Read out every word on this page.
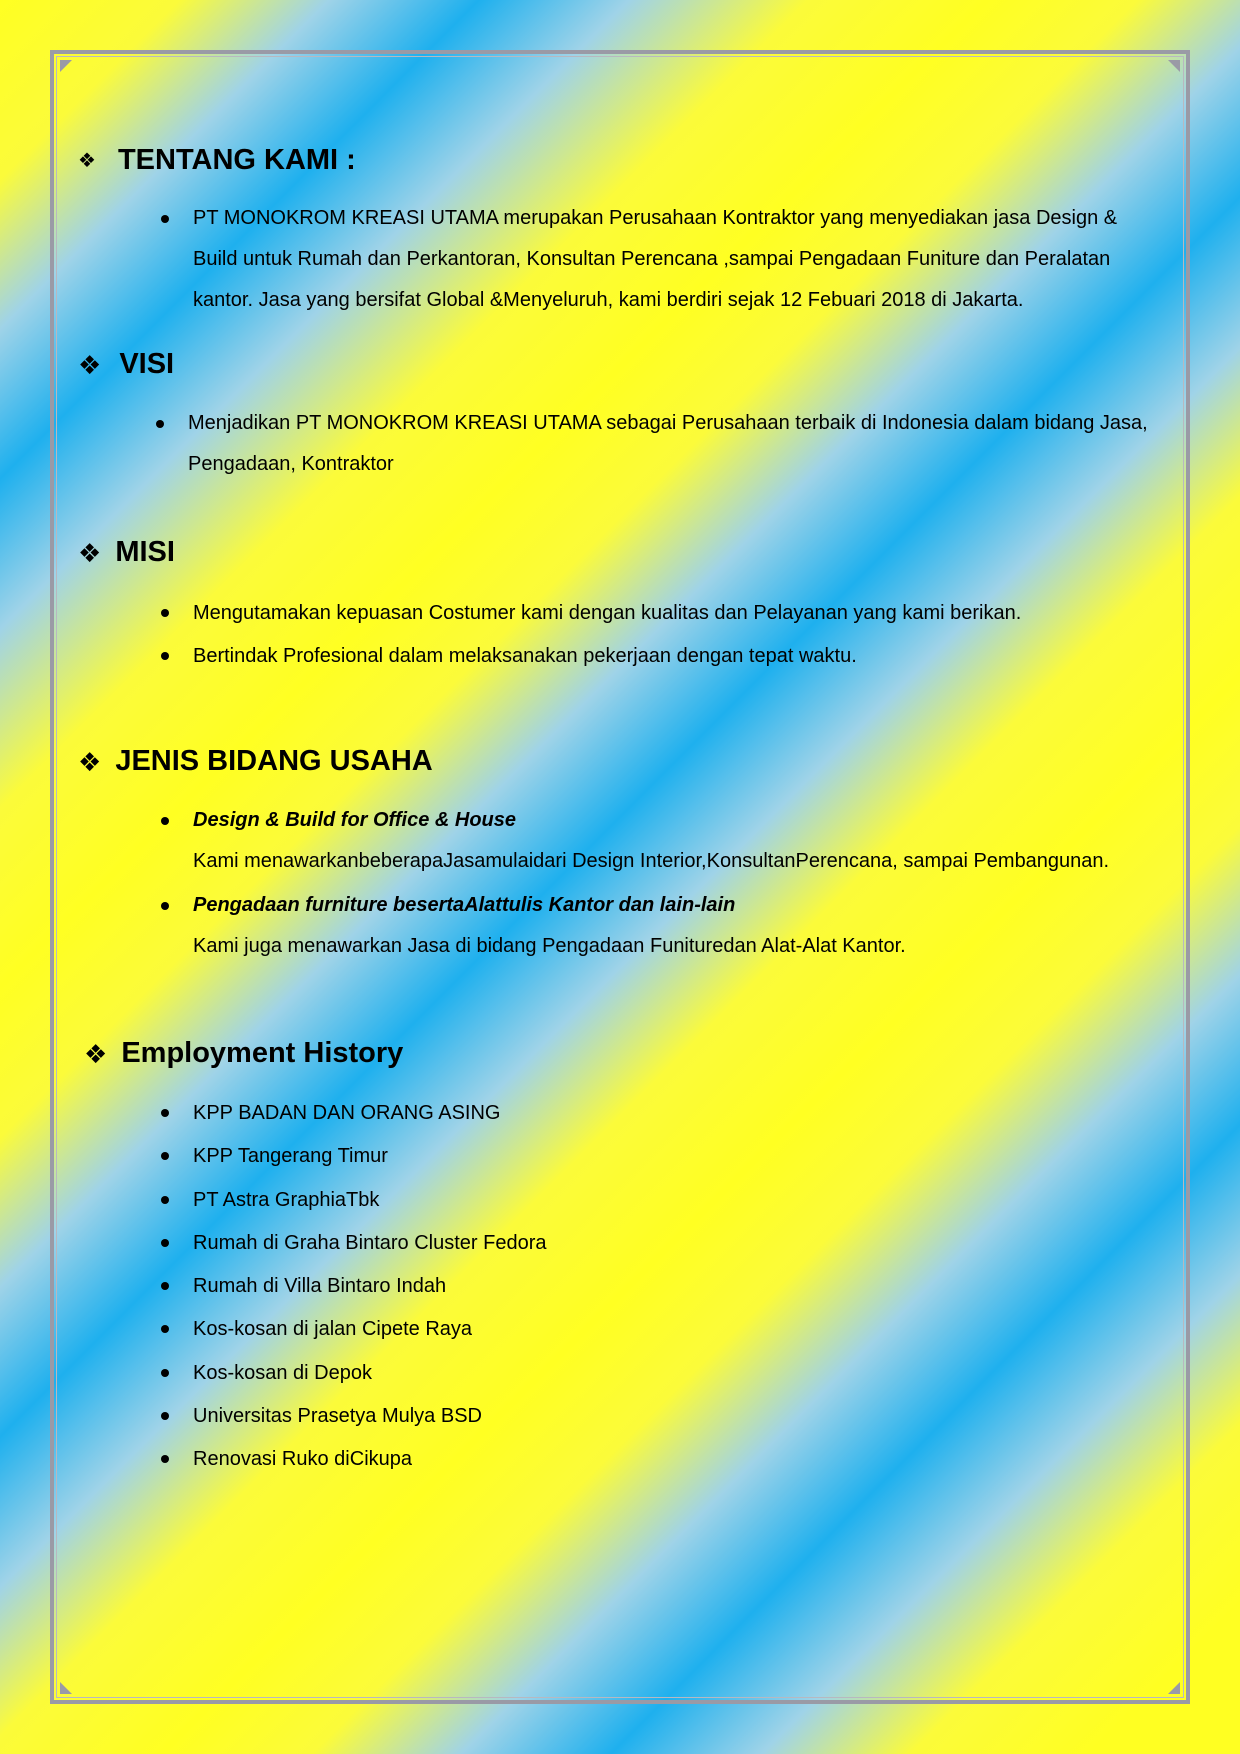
❖ TENTANG KAMI :
PT MONOKROM KREASI UTAMA merupakan Perusahaan Kontraktor yang menyediakan jasa Design & Build untuk Rumah dan Perkantoran, Konsultan Perencana ,sampai Pengadaan Funiture dan Peralatan kantor. Jasa yang bersifat Global &Menyeluruh, kami berdiri sejak 12 Febuari 2018 di Jakarta.
❖ VISI
Menjadikan PT MONOKROM KREASI UTAMA sebagai Perusahaan terbaik di Indonesia dalam bidang Jasa, Pengadaan, Kontraktor
❖ MISI
Mengutamakan kepuasan Costumer kami dengan kualitas dan Pelayanan yang kami berikan.
Bertindak Profesional dalam melaksanakan pekerjaan dengan tepat waktu.
❖ JENIS BIDANG USAHA
Design & Build for Office & House

Kami menawarkanbeberapaJasamulaidari Design Interior,KonsultanPerencana, sampai Pembangunan.

Pengadaan furniture besertaAlattulis Kantor dan lain-lain

Kami juga menawarkan Jasa di bidang Pengadaan Funituredan Alat-Alat Kantor.

❖ Employment History
KPP BADAN DAN ORANG ASING
KPP Tangerang Timur
PT Astra GraphiaTbk
Rumah di Graha Bintaro Cluster Fedora
Rumah di Villa Bintaro Indah
Kos-kosan di jalan Cipete Raya
Kos-kosan di Depok
Universitas Prasetya Mulya BSD
Renovasi Ruko diCikupa
